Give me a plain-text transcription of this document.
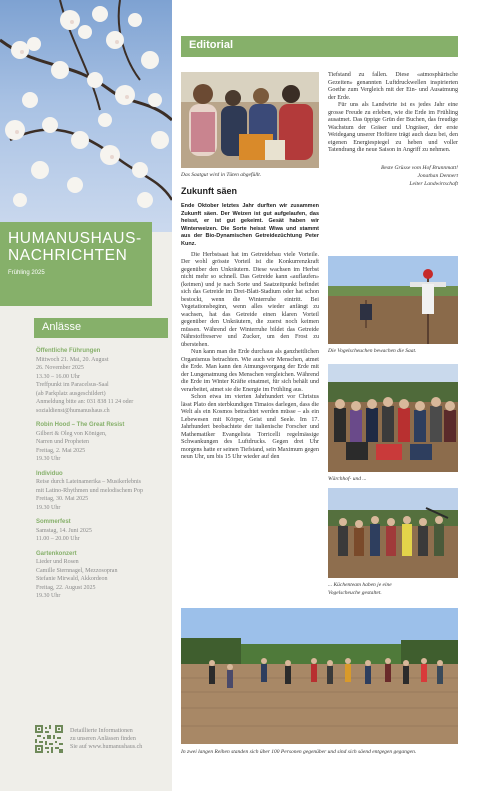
HUMANUSHAUS-
NACHRICHTEN
Frühling 2025
Anlässe
Öffentliche Führungen
Mittwoch 21. Mai, 20. August
26. November 2025
13.30 – 16.00 Uhr
Treffpunkt im Paracelsus-Saal
(ab Parkplatz ausgeschildert)
Anmeldung bitte an: 031 838 11 24 oder
sozialdienst@humanushaus.ch
Robin Hood – The Great Resist
Gilbert & Oleg von Königen,
Narren und Propheten
Freitag, 2. Mai 2025
19.30 Uhr
Individuo
Reise durch Lateinamerika – Musikerlebnis
mit Latino-Rhythmen und melodischem Pop
Freitag, 30. Mai 2025
19.30 Uhr
Sommerfest
Samstag, 14. Juni 2025
11.00 – 20.00 Uhr
Gartenkonzert
Lieder und Rosen
Camille Sternnagel, Mezzosopran
Stefanie Mirwald, Akkordeon
Freitag, 22. August 2025
19.30 Uhr
Detaillierte Informationen
zu unseren Anlässen finden
Sie auf www.humanushaus.ch
Editorial
Das Saatgut wird in Tüten abgefüllt.
Zukunft säen
Ende Oktober letztes Jahr durften wir zusammen Zukunft säen. Der Weizen ist gut aufgelaufen, das heisst, er ist gut gekeimt. Gesät haben wir Winterweizen. Die Sorte heisst Wiwa und stammt aus der Bio-Dynamischen Getreidezüchtung Peter Kunz.

Die Herbstsaat hat im Getreidebau viele Vorteile. Der wohl grösste Vorteil ist die Konkurrenzkraft gegenüber den Unkräutern. Diese wachsen im Herbst nicht mehr so schnell. Das Getreide kann «auflaufen» (keimen) und je nach Sorte und Saatzeitpunkt befindet sich das Getreide im Drei-Blatt-Stadium oder hat schon bestockt, wenn die Winterruhe eintritt. Bei Vegetationsbeginn, wenn alles wieder anfängt zu wachsen, hat das Getreide einen klaren Vorteil gegenüber den Unkräutern, die zuerst noch keimen müssen. Während der Winterruhe bildet das Getreide Nährstoffreserve und Zucker, um den Frost zu überstehen.

Nun kann man die Erde durchaus als ganzheitlichen Organismus betrachten. Wie auch wir Menschen, atmet die Erde. Man kann den Atmungsvorgang der Erde mit der Lungenatmung des Menschen vergleichen. Während die Erde im Winter Kräfte einatmet, für sich behält und verarbeitet, atmet sie die Energie im Frühling aus.

Schon etwa im vierten Jahrhundert vor Christus lässt Plato den sterbkundigen Timaios darlegen, dass die Welt als ein Kosmos betrachtet werden müsse – als ein Lebewesen mit Körper, Geist und Seele. Im 17. Jahrhundert beobachtete der italienische Forscher und Mathematiker Evangelista Torricelli regelmässige Schwankungen des Luftdrucks. Gegen drei Uhr morgens hatte er seinen Tiefstand, sein Maximum gegen neun Uhr, um bis 15 Uhr wieder auf den

Tiefstand zu fallen. Diese «atmosphärische Gezeiten» genannten Luftdruckwellen inspirierten Goethe zum Vergleich mit der Ein- und Ausatmung der Erde.

Für uns als Landwirte ist es jedes Jahr eine grosse Freude zu erleben, wie die Erde im Frühling ausatmet. Das üppige Grün der Buchen, das freudige Wachstum der Gräser und Ungräser, der erste Weidegang unserer Hoftiere trägt auch dazu bei, den eigenen Energiespiegel zu heben und voller Tatendrang die neue Saison in Angriff zu nehmen.

Beste Grüsse vom Hof Brunnmatt!
Jonathan Dennert
Leiter Landwirtschaft
Die Vogelscheuchen bewachen die Saat.
Wärchhof- und ...
... Küchenteam haben je eine
Vogelscheuche gestaltet.
In zwei langen Reihen standen sich über 100 Personen gegenüber und sind sich säend entgegen gegangen.
